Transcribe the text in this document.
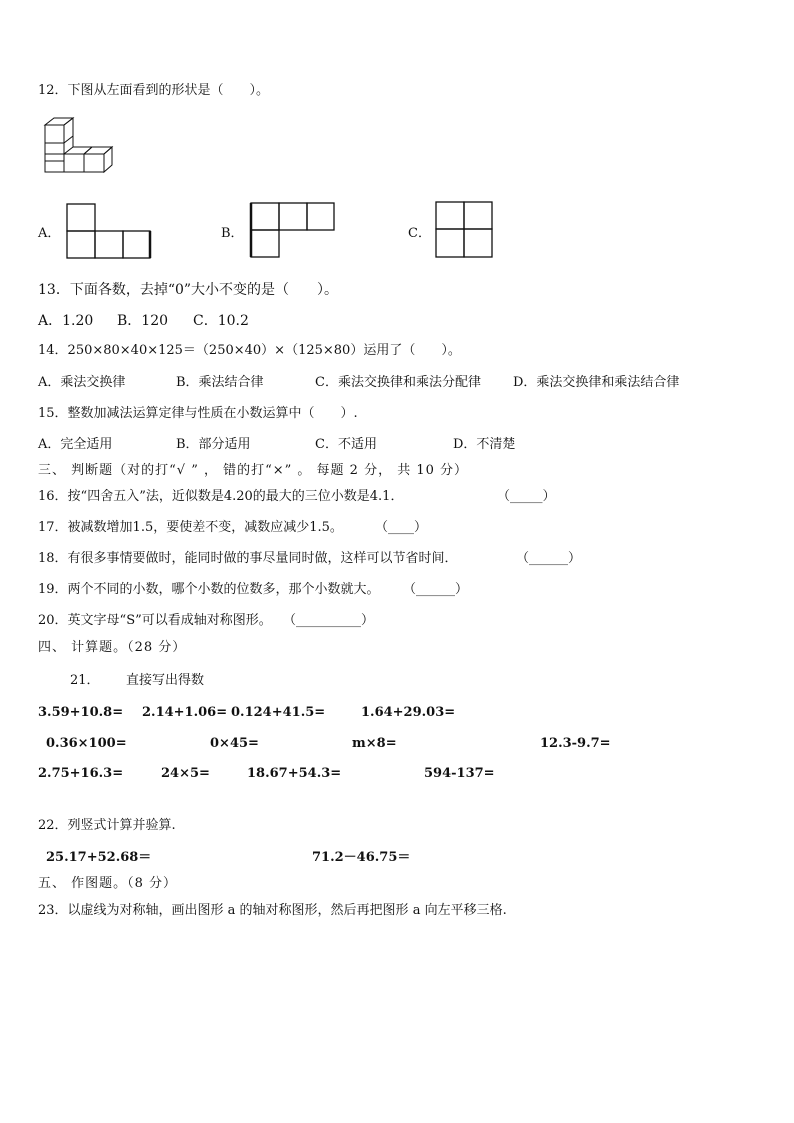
12．下图从左面看到的形状是（　　）。
A．	B．	C．
13．下面各数，去掉“0”大小不变的是（　　）。
A．1.20 B．120 C．10.2
14．250×80×40×125＝（250×40）×（125×80）运用了（　　）。
A．乘法交换律	B．乘法结合律	C．乘法交换律和乘法分配律 D．乘法交换律和乘法结合律
15．整数加减法运算定律与性质在小数运算中（　　）.
A．完全适用	B．部分适用	C．不适用	D．不清楚
三、 判断题（对的打“√ ” ， 错的打“×” 。 每题 2 分， 共 10 分）
16．按“四舍五入”法，近似数是4.20的最大的三位小数是4.1．	（_____）
17．被减数增加1.5，要使差不变，减数应减少1.5。 （____）
18．有很多事情要做时，能同时做的事尽量同时做，这样可以节省时间．	（______）
19．两个不同的小数，哪个小数的位数多，那个小数就大。 （______）
20．英文字母“S”可以看成轴对称图形。 （__________）
四、 计算题。（28 分）
21． 直接写出得数
3.59+10.8= 2.14+1.06= 0.124+41.5=	1.64+29.03=
0.36×100=	0×45=	m×8=	12.3-9.7=
2.75+16.3=	24×5=	18.67+54.3=	594-137=
22．列竖式计算并验算.
25.17+52.68＝	71.2－46.75＝
五、 作图题。（8 分）
23．以虚线为对称轴，画出图形 a 的轴对称图形，然后再把图形 a 向左平移三格.
